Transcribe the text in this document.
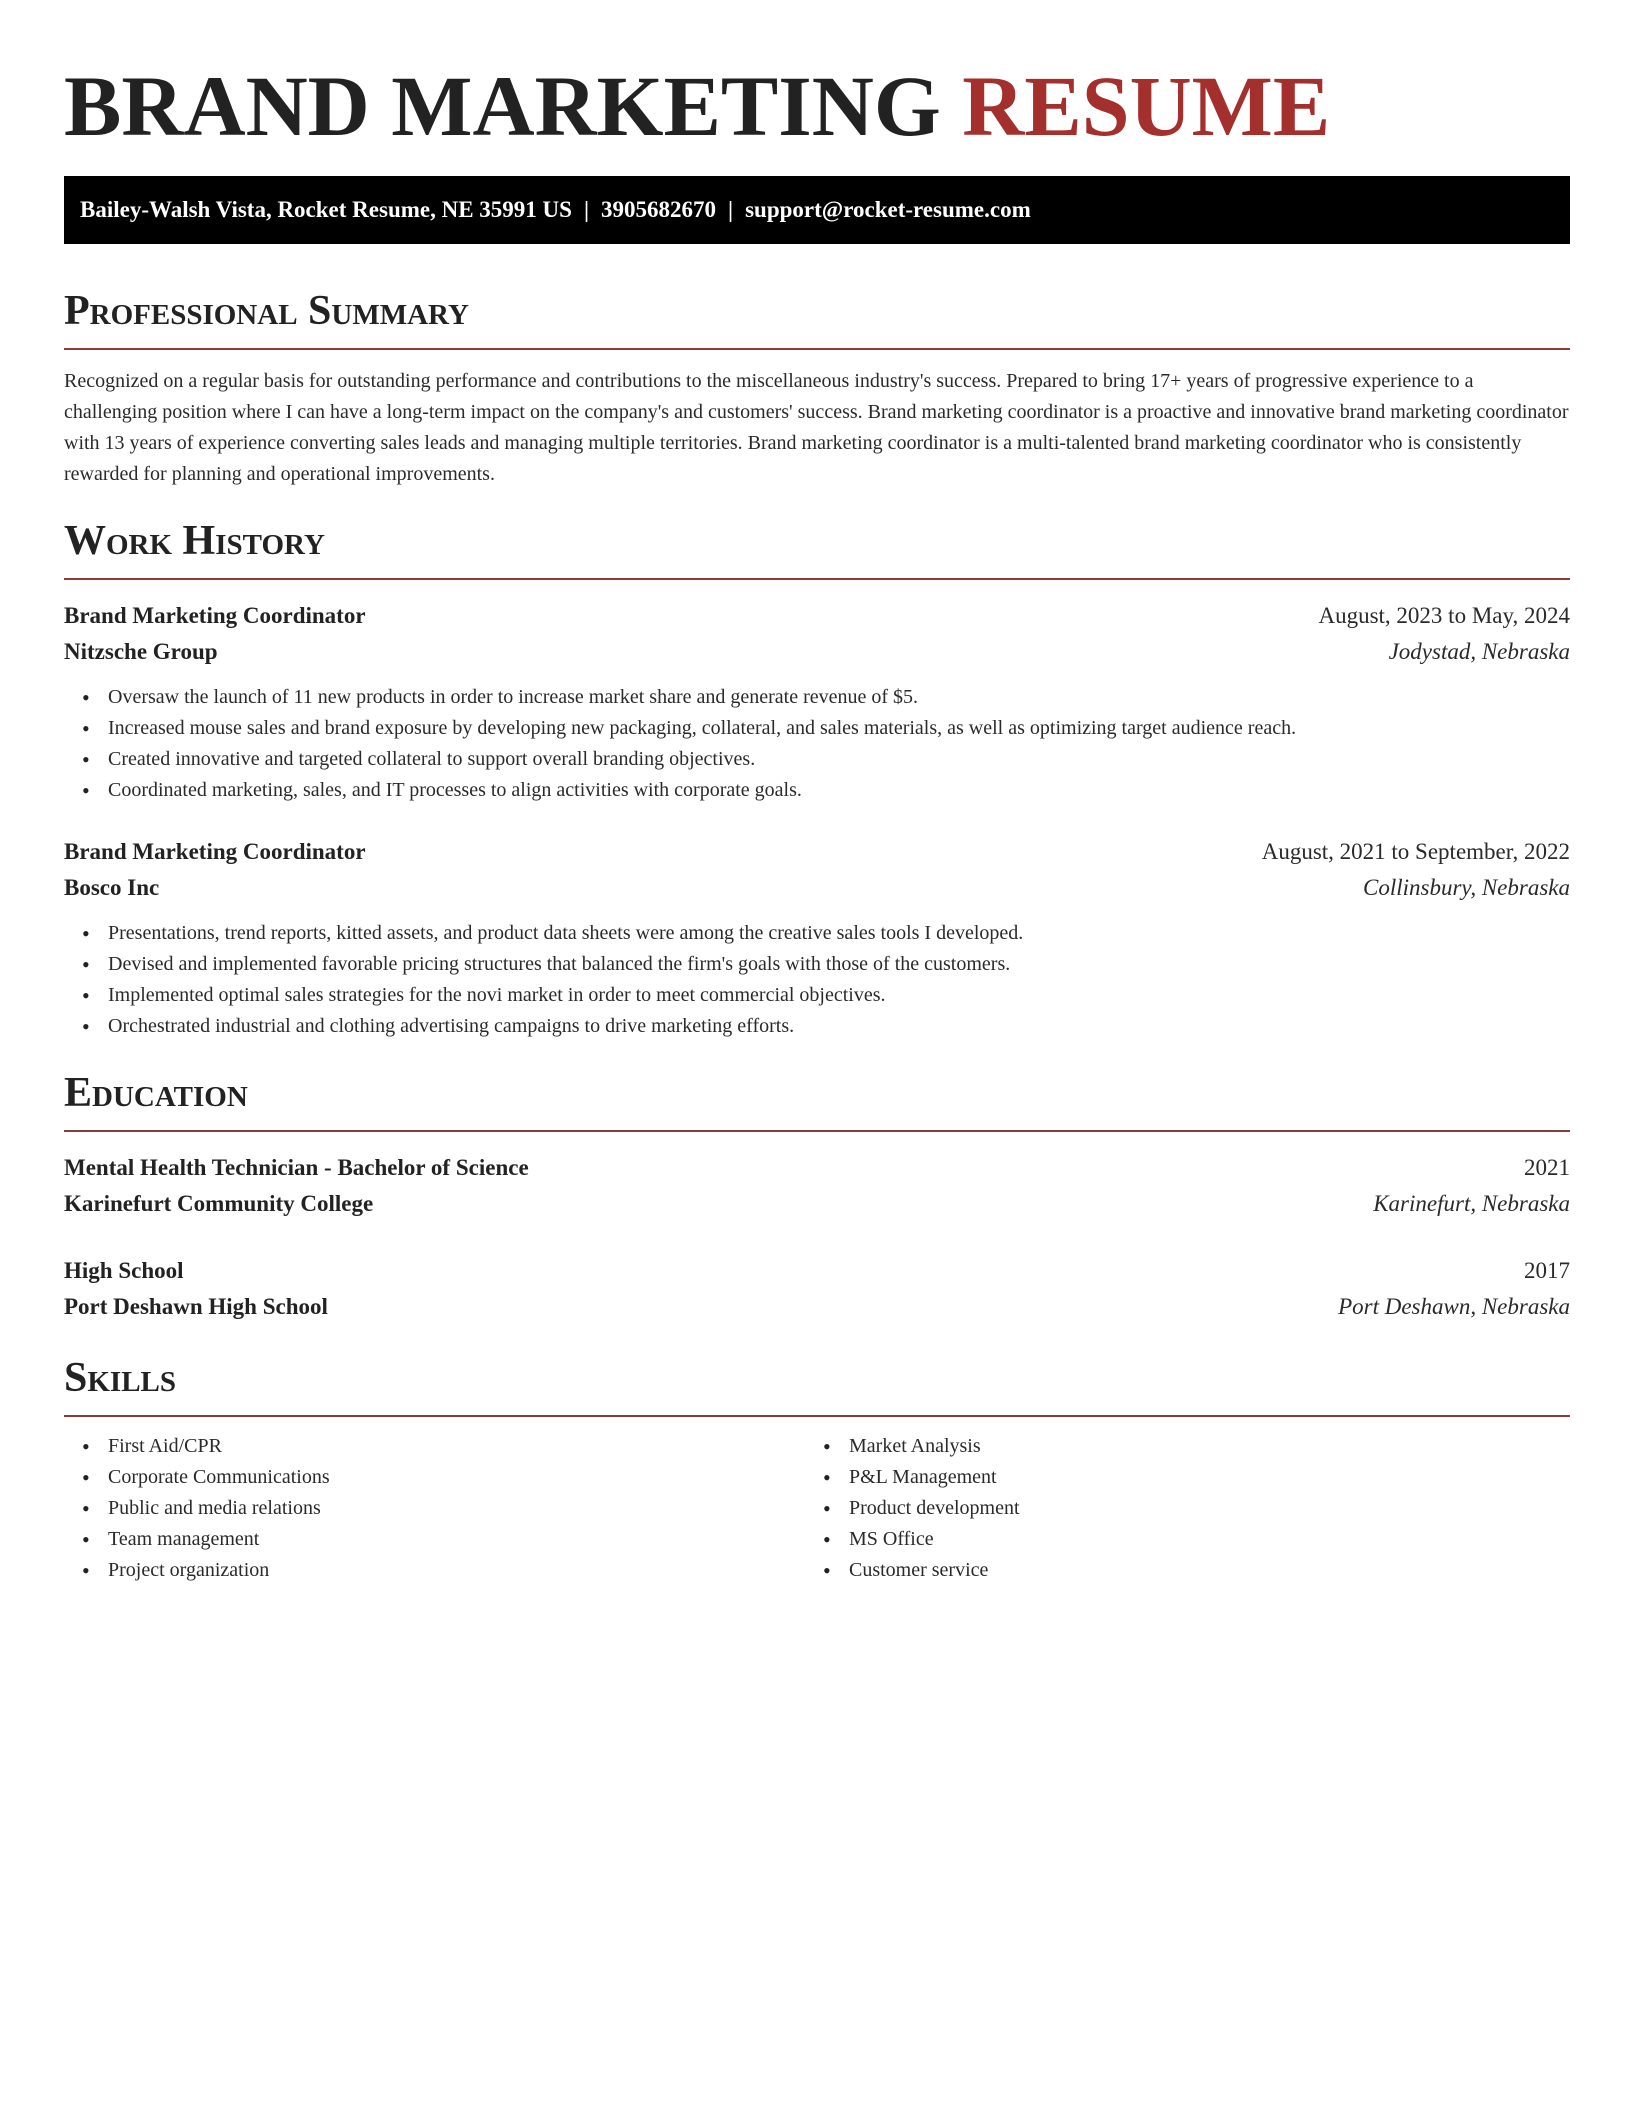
BRAND MARKETING RESUME
Bailey-Walsh Vista, Rocket Resume, NE 35991 US | 3905682670 | support@rocket-resume.com
Professional Summary

Recognized on a regular basis for outstanding performance and contributions to the miscellaneous industry's success. Prepared to bring 17+ years of progressive experience to a challenging position where I can have a long-term impact on the company's and customers' success. Brand marketing coordinator is a proactive and innovative brand marketing coordinator with 13 years of experience converting sales leads and managing multiple territories. Brand marketing coordinator is a multi-talented brand marketing coordinator who is consistently rewarded for planning and operational improvements.

Work History
Brand Marketing Coordinator	August, 2023 to May, 2024
Nitzsche Group	Jodystad, Nebraska
• Oversaw the launch of 11 new products in order to increase market share and generate revenue of $5.
• Increased mouse sales and brand exposure by developing new packaging, collateral, and sales materials, as well as optimizing target audience reach.
• Created innovative and targeted collateral to support overall branding objectives.
• Coordinated marketing, sales, and IT processes to align activities with corporate goals.
Brand Marketing Coordinator	August, 2021 to September, 2022
Bosco Inc	Collinsbury, Nebraska
• Presentations, trend reports, kitted assets, and product data sheets were among the creative sales tools I developed.
• Devised and implemented favorable pricing structures that balanced the firm's goals with those of the customers.
• Implemented optimal sales strategies for the novi market in order to meet commercial objectives.
• Orchestrated industrial and clothing advertising campaigns to drive marketing efforts.
Education
Mental Health Technician - Bachelor of Science	2021
Karinefurt Community College	Karinefurt, Nebraska
High School	2017
Port Deshawn High School	Port Deshawn, Nebraska
Skills
• First Aid/CPR
• Corporate Communications
• Public and media relations
• Team management
• Project organization
• Market Analysis
• P&L Management
• Product development
• MS Office
• Customer service
